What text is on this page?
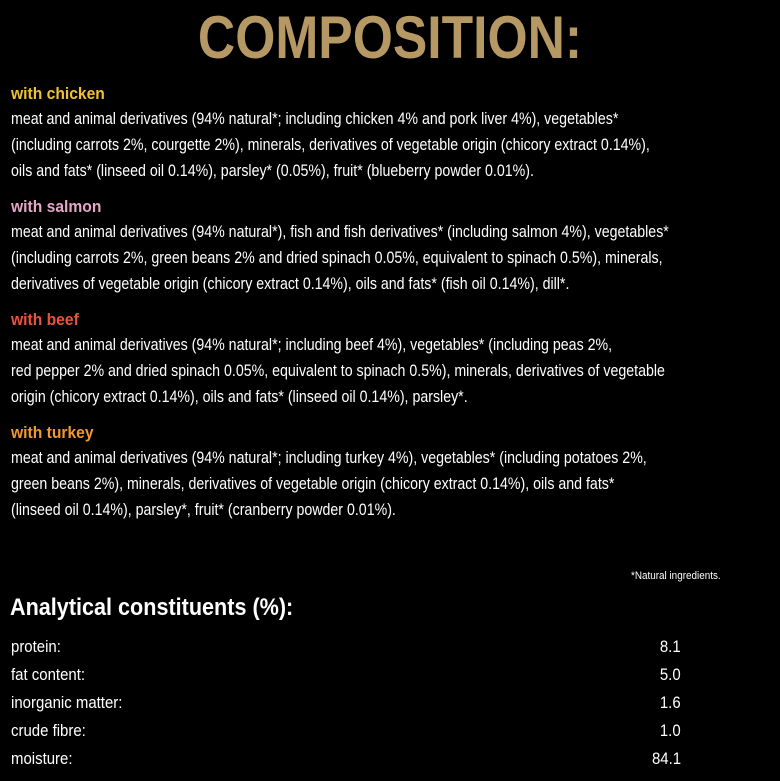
COMPOSITION:
with chicken
meat and animal derivatives (94% natural*; including chicken 4% and pork liver 4%), vegetables*
(including carrots 2%, courgette 2%), minerals, derivatives of vegetable origin (chicory extract 0.14%),
oils and fats* (linseed oil 0.14%), parsley* (0.05%), fruit* (blueberry powder 0.01%).
with salmon
meat and animal derivatives (94% natural*), fish and fish derivatives* (including salmon 4%), vegetables*
(including carrots 2%, green beans 2% and dried spinach 0.05%, equivalent to spinach 0.5%), minerals,
derivatives of vegetable origin (chicory extract 0.14%), oils and fats* (fish oil 0.14%), dill*.
with beef
meat and animal derivatives (94% natural*; including beef 4%), vegetables* (including peas 2%,
red pepper 2% and dried spinach 0.05%, equivalent to spinach 0.5%), minerals, derivatives of vegetable
origin (chicory extract 0.14%), oils and fats* (linseed oil 0.14%), parsley*.
with turkey
meat and animal derivatives (94% natural*; including turkey 4%), vegetables* (including potatoes 2%,
green beans 2%), minerals, derivatives of vegetable origin (chicory extract 0.14%), oils and fats*
(linseed oil 0.14%), parsley*, fruit* (cranberry powder 0.01%).
*Natural ingredients.
Analytical constituents (%):
protein:	8.1
fat content:	5.0
inorganic matter:	1.6
crude fibre:	1.0
moisture:	84.1
